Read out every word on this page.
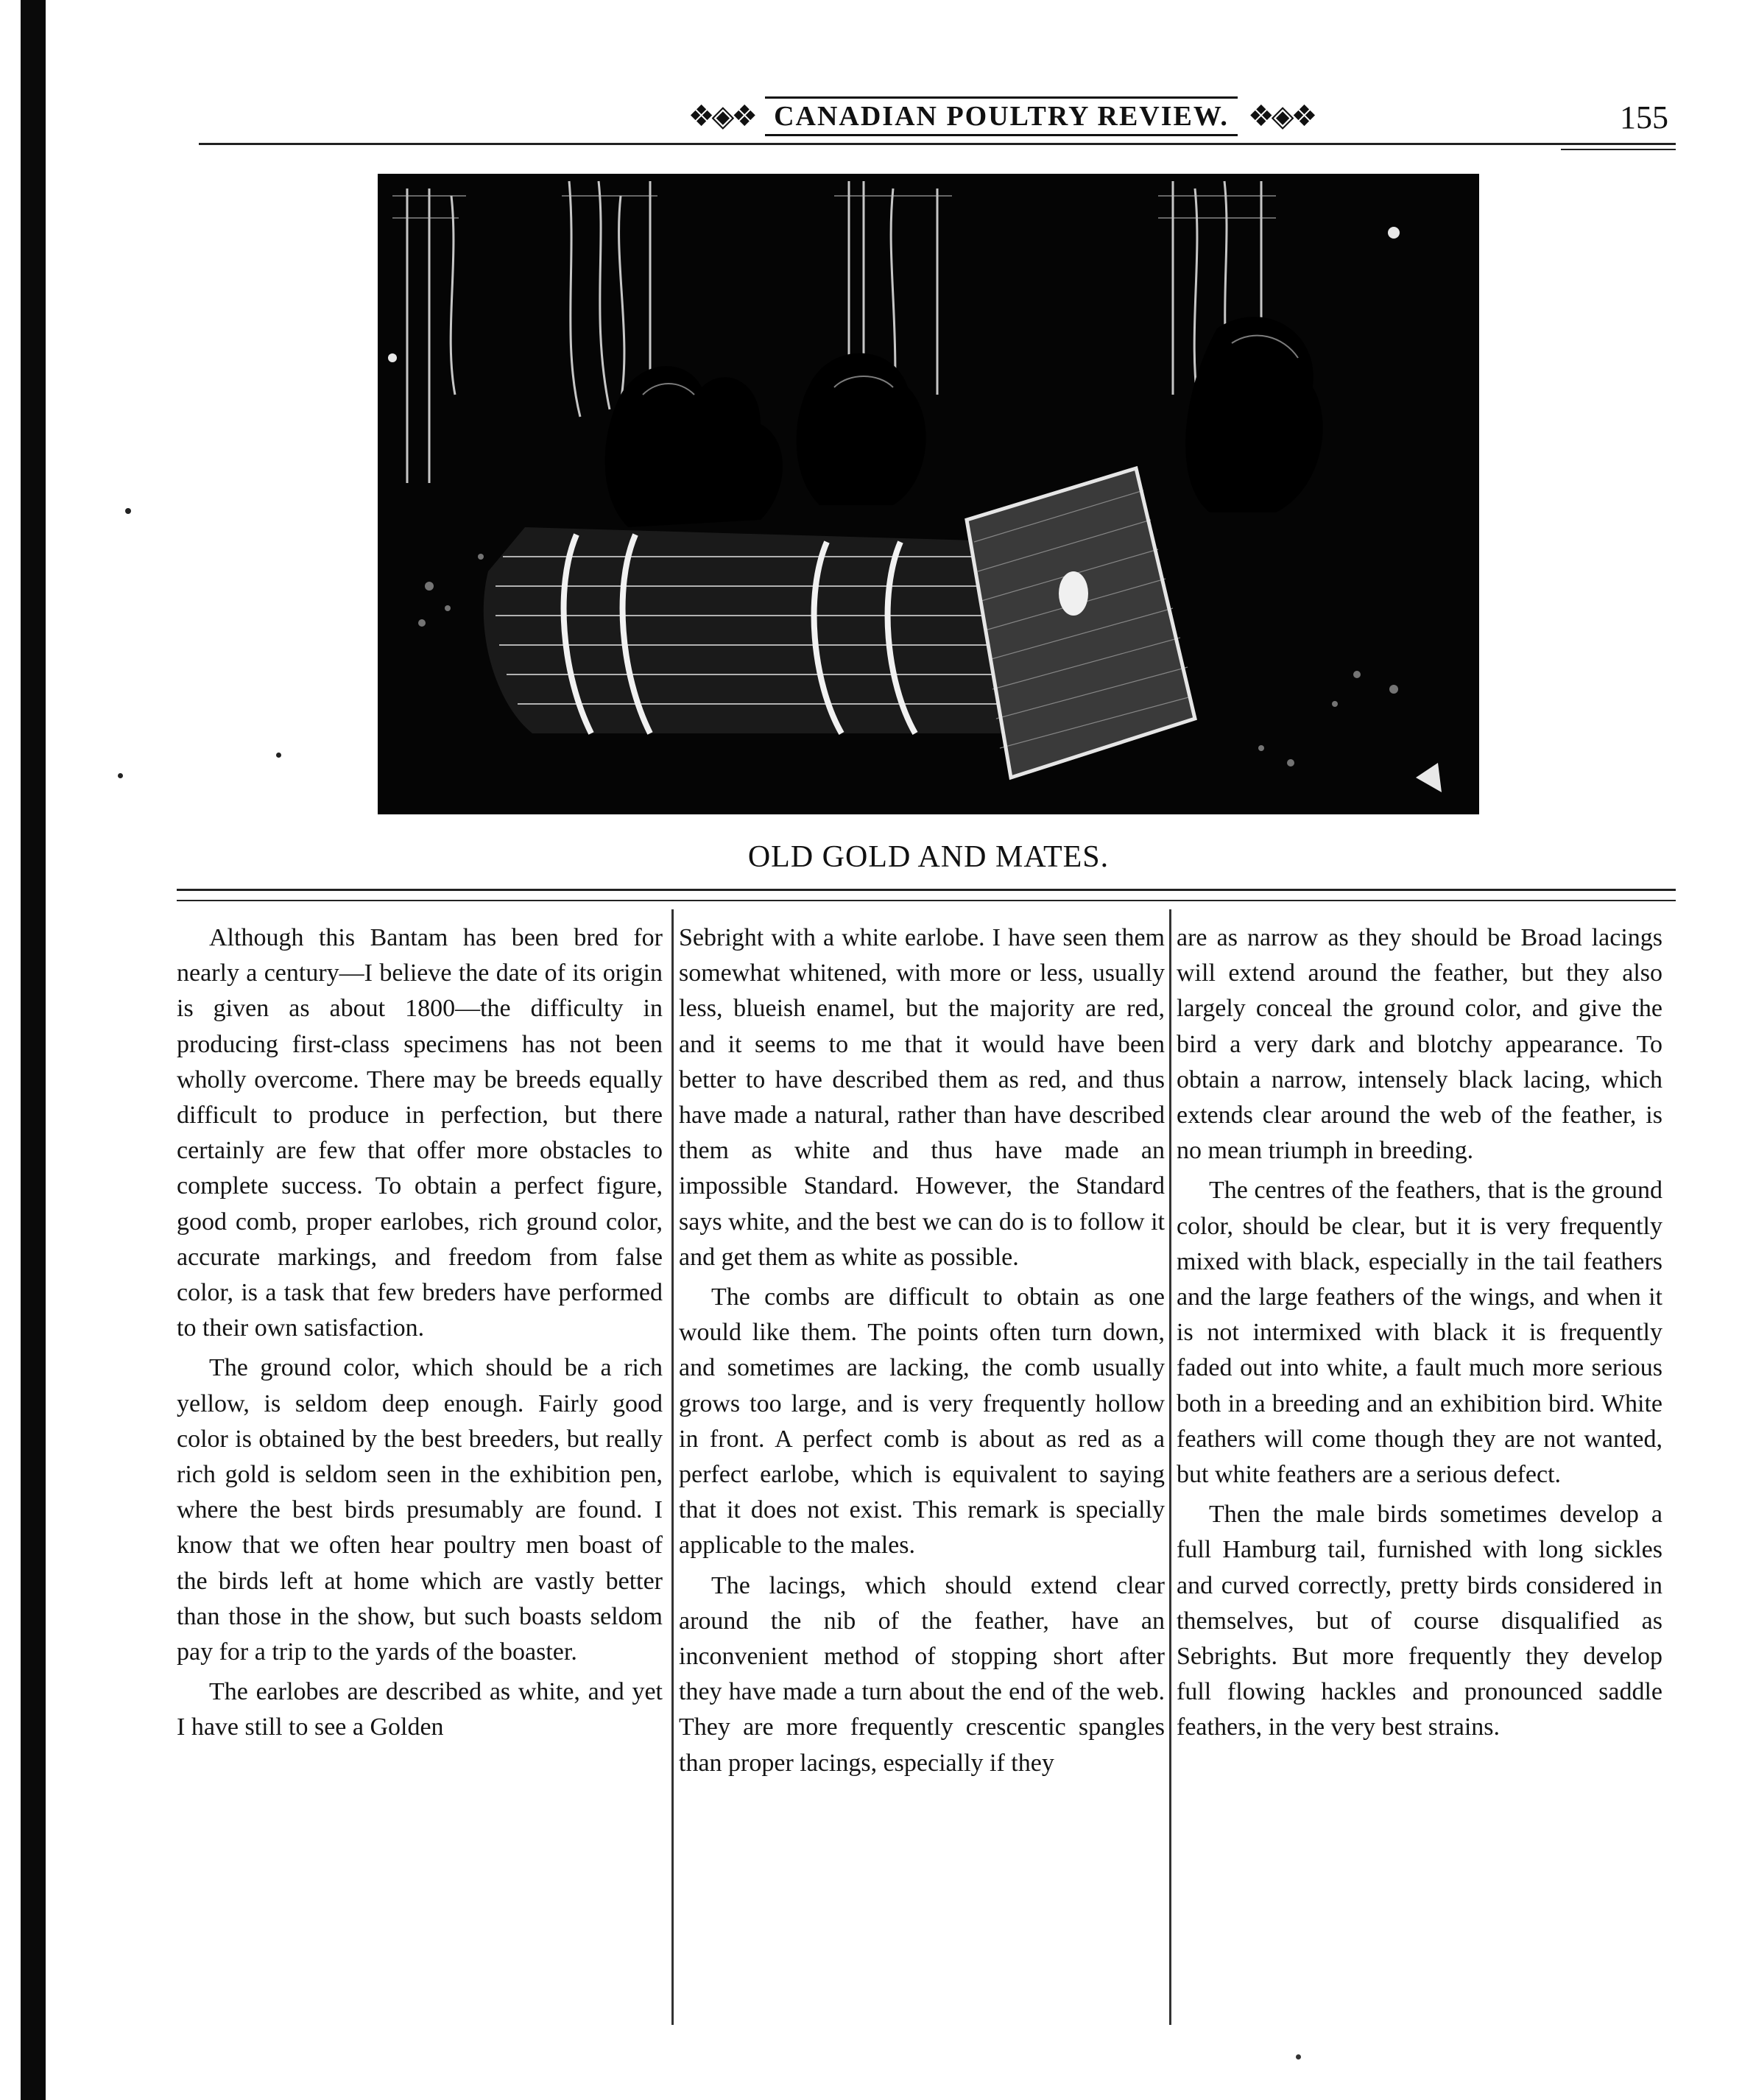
❖◈❖ CANADIAN POULTRY REVIEW. ❖◈❖	155
OLD GOLD AND MATES.

Although this Bantam has been bred for nearly a century—I believe the date of its origin is given as about 1800—the difficulty in producing first-class specimens has not been wholly overcome. There may be breeds equally difficult to produce in perfection, but there certainly are few that offer more obstacles to complete success. To obtain a perfect figure, good comb, proper earlobes, rich ground color, accurate markings, and freedom from false color, is a task that few breders have performed to their own satisfaction.

The ground color, which should be a rich yellow, is seldom deep enough. Fairly good color is obtained by the best breeders, but really rich gold is seldom seen in the exhibition pen, where the best birds presumably are found. I know that we often hear poultry men boast of the birds left at home which are vastly better than those in the show, but such boasts seldom pay for a trip to the yards of the boaster.

The earlobes are described as white, and yet I have still to see a Golden

Sebright with a white earlobe. I have seen them somewhat whitened, with more or less, usually less, blueish enamel, but the majority are red, and it seems to me that it would have been better to have described them as red, and thus have made a natural, rather than have described them as white and thus have made an impossible Standard. However, the Standard says white, and the best we can do is to follow it and get them as white as possible.

The combs are difficult to obtain as one would like them. The points often turn down, and sometimes are lacking, the comb usually grows too large, and is very frequently hollow in front. A perfect comb is about as red as a perfect earlobe, which is equivalent to saying that it does not exist. This remark is specially applicable to the males.

The lacings, which should extend clear around the nib of the feather, have an inconvenient method of stopping short after they have made a turn about the end of the web. They are more frequently crescentic spangles than proper lacings, especially if they

are as narrow as they should be Broad lacings will extend around the feather, but they also largely conceal the ground color, and give the bird a very dark and blotchy appearance. To obtain a narrow, intensely black lacing, which extends clear around the web of the feather, is no mean triumph in breeding.

The centres of the feathers, that is the ground color, should be clear, but it is very frequently mixed with black, especially in the tail feathers and the large feathers of the wings, and when it is not intermixed with black it is frequently faded out into white, a fault much more serious both in a breeding and an exhibition bird. White feathers will come though they are not wanted, but white feathers are a serious defect.

Then the male birds sometimes develop a full Hamburg tail, furnished with long sickles and curved correctly, pretty birds considered in themselves, but of course disqualified as Sebrights. But more frequently they develop full flowing hackles and pronounced saddle feathers, in the very best strains.
